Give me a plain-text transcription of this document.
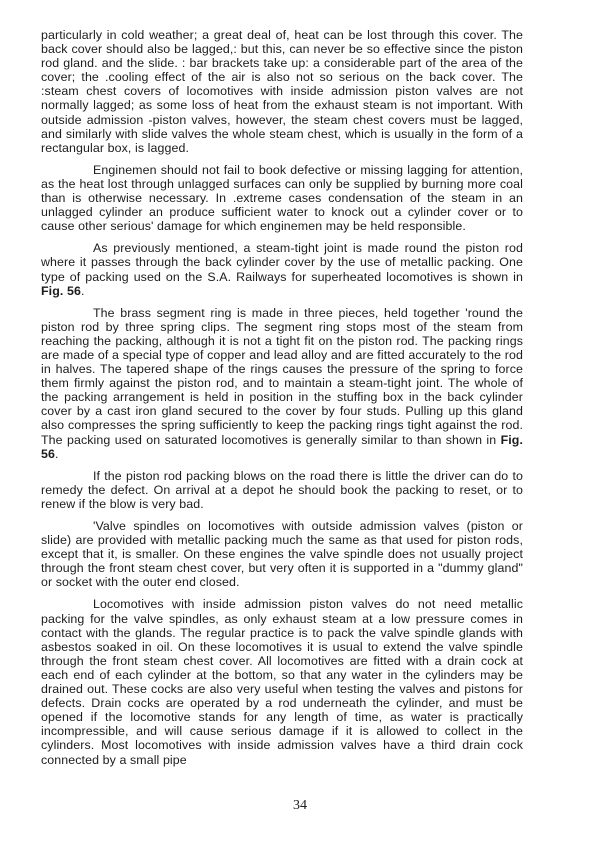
particularly in cold weather; a great deal of, heat can be lost through this cover. The back cover should also be lagged,: but this, can never be so effective since the piston rod gland. and the slide. : bar brackets take up: a considerable part of the area of the cover; the .cooling effect of the air is also not so serious on the back cover. The :steam chest covers of locomotives with inside admission piston valves are not normally lagged; as some loss of heat from the exhaust steam is not important. With outside admission -piston valves, however, the steam chest covers must be lagged, and similarly with slide valves the whole steam chest, which is usually in the form of a rectangular box, is lagged.

Enginemen should not fail to book defective or missing lagging for attention, as the heat lost through unlagged surfaces can only be supplied by burning more coal than is otherwise necessary. In .extreme cases condensation of the steam in an unlagged cylinder an produce sufficient water to knock out a cylinder cover or to cause other serious' damage for which enginemen may be held responsible.

As previously mentioned, a steam-tight joint is made round the piston rod where it passes through the back cylinder cover by the use of metallic packing. One type of packing used on the S.A. Railways for superheated locomotives is shown in Fig. 56.

The brass segment ring is made in three pieces, held together 'round the piston rod by three spring clips. The segment ring stops most of the steam from reaching the packing, although it is not a tight fit on the piston rod. The packing rings are made of a special type of copper and lead alloy and are fitted accurately to the rod in halves. The tapered shape of the rings causes the pressure of the spring to force them firmly against the piston rod, and to maintain a steam-tight joint. The whole of the packing arrangement is held in position in the stuffing box in the back cylinder cover by a cast iron gland secured to the cover by four studs. Pulling up this gland also compresses the spring sufficiently to keep the packing rings tight against the rod. The packing used on saturated locomotives is generally similar to than shown in Fig. 56.

If the piston rod packing blows on the road there is little the driver can do to remedy the defect. On arrival at a depot he should book the packing to reset, or to renew if the blow is very bad.

'Valve spindles on locomotives with outside admission valves (piston or slide) are provided with metallic packing much the same as that used for piston rods, except that it, is smaller. On these engines the valve spindle does not usually project through the front steam chest cover, but very often it is supported in a "dummy gland" or socket with the outer end closed.

Locomotives with inside admission piston valves do not need metallic packing for the valve spindles, as only exhaust steam at a low pressure comes in contact with the glands. The regular practice is to pack the valve spindle glands with asbestos soaked in oil. On these locomotives it is usual to extend the valve spindle through the front steam chest cover. All locomotives are fitted with a drain cock at each end of each cylinder at the bottom, so that any water in the cylinders may be drained out. These cocks are also very useful when testing the valves and pistons for defects. Drain cocks are operated by a rod underneath the cylinder, and must be opened if the locomotive stands for any length of time, as water is practically incompressible, and will cause serious damage if it is allowed to collect in the cylinders. Most locomotives with inside admission valves have a third drain cock connected by a small pipe

34
